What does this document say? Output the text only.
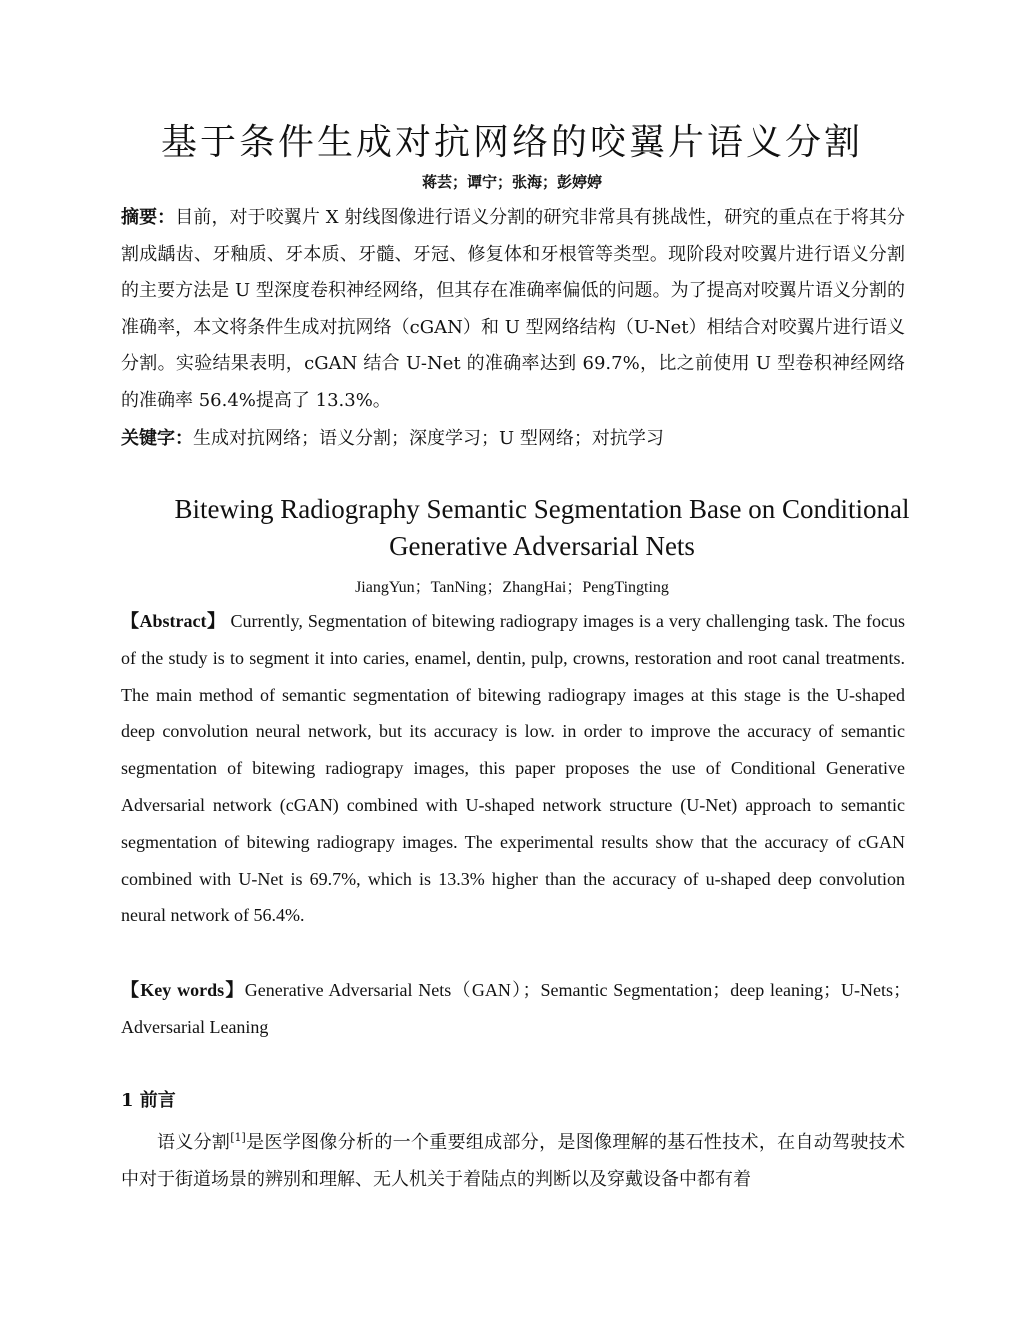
基于条件生成对抗网络的咬翼片语义分割

蒋芸；谭宁；张海；彭婷婷

摘要：目前，对于咬翼片 X 射线图像进行语义分割的研究非常具有挑战性，研究的重点在于将其分割成龋齿、牙釉质、牙本质、牙髓、牙冠、修复体和牙根管等类型。现阶段对咬翼片进行语义分割的主要方法是 U 型深度卷积神经网络，但其存在准确率偏低的问题。为了提高对咬翼片语义分割的准确率，本文将条件生成对抗网络（cGAN）和 U 型网络结构（U-Net）相结合对咬翼片进行语义分割。实验结果表明，cGAN 结合 U-Net 的准确率达到 69.7%，比之前使用 U 型卷积神经网络的准确率 56.4%提高了 13.3%。

关键字：生成对抗网络；语义分割；深度学习；U 型网络；对抗学习

Bitewing Radiography Semantic Segmentation Base on Conditional Generative Adversarial Nets

JiangYun；TanNing；ZhangHai；PengTingting

【Abstract】 Currently, Segmentation of bitewing radiograpy images is a very challenging task. The focus of the study is to segment it into caries, enamel, dentin, pulp, crowns, restoration and root canal treatments. The main method of semantic segmentation of bitewing radiograpy images at this stage is the U-shaped deep convolution neural network, but its accuracy is low. in order to improve the accuracy of semantic segmentation of bitewing radiograpy images, this paper proposes the use of Conditional Generative Adversarial network (cGAN) combined with U-shaped network structure (U-Net) approach to semantic segmentation of bitewing radiograpy images. The experimental results show that the accuracy of cGAN combined with U-Net is 69.7%, which is 13.3% higher than the accuracy of u-shaped deep convolution neural network of 56.4%.

【Key words】Generative Adversarial Nets（GAN）；Semantic Segmentation；deep leaning；U-Nets；Adversarial Leaning

1 前言

语义分割[1]是医学图像分析的一个重要组成部分，是图像理解的基石性技术，在自动驾驶技术中对于街道场景的辨别和理解、无人机关于着陆点的判断以及穿戴设备中都有着
